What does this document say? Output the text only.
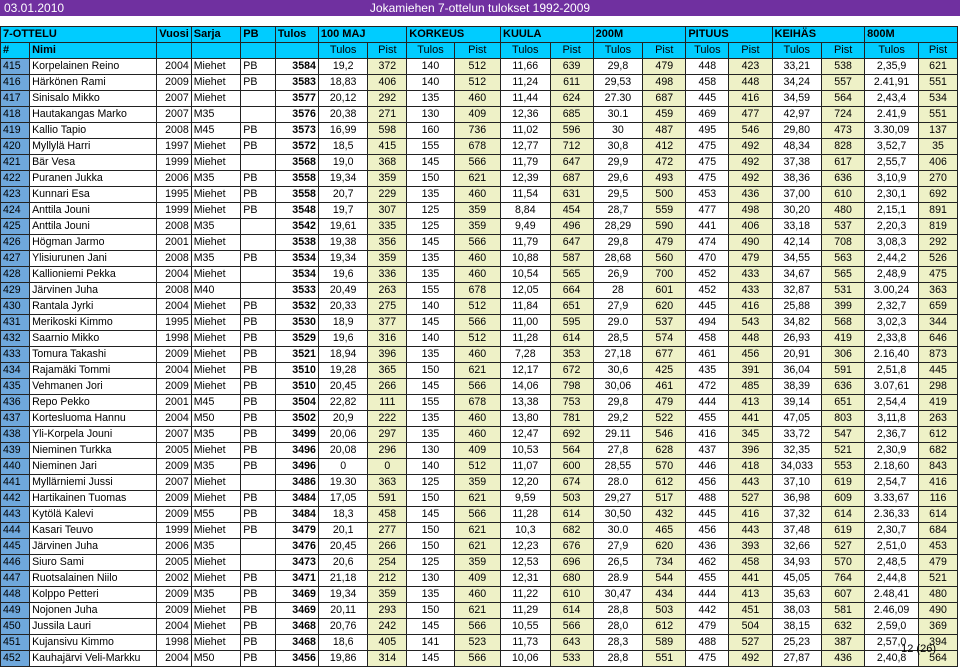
03.01.2010	Jokamiehen 7-ottelun tulokset 1992-2009
7-OTTELU		Vuosi	Sarja	PB	Tulos	100 MAJ		KORKEUS		KUULA		200M		PITUUS		KEIHÄS		800M	
#	Nimi					Tulos	Pist	Tulos	Pist	Tulos	Pist	Tulos	Pist	Tulos	Pist	Tulos	Pist	Tulos	Pist
415	Korpelainen Reino	2004	Miehet	PB	3584	19,2	372	140	512	11,66	639	29,8	479	448	423	33,21	538	2,35,9	621
416	Härkönen Rami	2009	Miehet	PB	3583	18,83	406	140	512	11,24	611	29,53	498	458	448	34,24	557	2.41,91	551
417	Sinisalo Mikko	2007	Miehet		3577	20,12	292	135	460	11,44	624	27.30	687	445	416	34,59	564	2,43,4	534
418	Hautakangas Marko	2007	M35		3576	20,38	271	130	409	12,36	685	30.1	459	469	477	42,97	724	2.41,9	551
419	Kallio Tapio	2008	M45	PB	3573	16,99	598	160	736	11,02	596	30	487	495	546	29,80	473	3.30,09	137
420	Myllylä Harri	1997	Miehet	PB	3572	18,5	415	155	678	12,77	712	30,8	412	475	492	48,34	828	3,52,7	35
421	Bär Vesa	1999	Miehet		3568	19,0	368	145	566	11,79	647	29,9	472	475	492	37,38	617	2,55,7	406
422	Puranen Jukka	2006	M35	PB	3558	19,34	359	150	621	12,39	687	29,6	493	475	492	38,36	636	3,10,9	270
423	Kunnari Esa	1995	Miehet	PB	3558	20,7	229	135	460	11,54	631	29,5	500	453	436	37,00	610	2,30,1	692
424	Anttila Jouni	1999	Miehet	PB	3548	19,7	307	125	359	8,84	454	28,7	559	477	498	30,20	480	2,15,1	891
425	Anttila Jouni	2008	M35		3542	19,61	335	125	359	9,49	496	28,29	590	441	406	33,18	537	2,20,3	819
426	Högman Jarmo	2001	Miehet		3538	19,38	356	145	566	11,79	647	29,8	479	474	490	42,14	708	3,08,3	292
427	Ylisiurunen Jani	2008	M35	PB	3534	19,34	359	135	460	10,88	587	28,68	560	470	479	34,55	563	2,44,2	526
428	Kallioniemi Pekka	2004	Miehet		3534	19,6	336	135	460	10,54	565	26,9	700	452	433	34,67	565	2,48,9	475
429	Järvinen Juha	2008	M40		3533	20,49	263	155	678	12,05	664	28	601	452	433	32,87	531	3.00,24	363
430	Rantala Jyrki	2004	Miehet	PB	3532	20,33	275	140	512	11,84	651	27,9	620	445	416	25,88	399	2,32,7	659
431	Merikoski Kimmo	1995	Miehet	PB	3530	18,9	377	145	566	11,00	595	29.0	537	494	543	34,82	568	3,02,3	344
432	Saarnio Mikko	1998	Miehet	PB	3529	19,6	316	140	512	11,28	614	28,5	574	458	448	26,93	419	2,33,8	646
433	Tomura Takashi	2009	Miehet	PB	3521	18,94	396	135	460	7,28	353	27,18	677	461	456	20,91	306	2.16,40	873
434	Rajamäki Tommi	2004	Miehet	PB	3510	19,28	365	150	621	12,17	672	30,6	425	435	391	36,04	591	2,51,8	445
435	Vehmanen Jori	2009	Miehet	PB	3510	20,45	266	145	566	14,06	798	30,06	461	472	485	38,39	636	3.07,61	298
436	Repo Pekko	2001	M45	PB	3504	22,82	111	155	678	13,38	753	29,8	479	444	413	39,14	651	2,54,4	419
437	Kortesluoma Hannu	2004	M50	PB	3502	20,9	222	135	460	13,80	781	29,2	522	455	441	47,05	803	3,11,8	263
438	Yli-Korpela Jouni	2007	M35	PB	3499	20,06	297	135	460	12,47	692	29.11	546	416	345	33,72	547	2,36,7	612
439	Nieminen Turkka	2005	Miehet	PB	3496	20,08	296	130	409	10,53	564	27,8	628	437	396	32,35	521	2,30,9	682
440	Nieminen Jari	2009	M35	PB	3496	0	0	140	512	11,07	600	28,55	570	446	418	34,033	553	2.18,60	843
441	Myllärniemi Jussi	2007	Miehet		3486	19.30	363	125	359	12,20	674	28.0	612	456	443	37,10	619	2,54,7	416
442	Hartikainen Tuomas	2009	Miehet	PB	3484	17,05	591	150	621	9,59	503	29,27	517	488	527	36,98	609	3.33,67	116
443	Kytölä Kalevi	2009	M55	PB	3484	18,3	458	145	566	11,28	614	30,50	432	445	416	37,32	614	2.36,33	614
444	Kasari Teuvo	1999	Miehet	PB	3479	20,1	277	150	621	10,3	682	30.0	465	456	443	37,48	619	2,30,7	684
445	Järvinen Juha	2006	M35		3476	20,45	266	150	621	12,23	676	27,9	620	436	393	32,66	527	2,51,0	453
446	Siuro Sami	2005	Miehet		3473	20,6	254	125	359	12,53	696	26,5	734	462	458	34,93	570	2,48,5	479
447	Ruotsalainen Niilo	2002	Miehet	PB	3471	21,18	212	130	409	12,31	680	28.9	544	455	441	45,05	764	2,44,8	521
448	Kolppo Petteri	2009	M35	PB	3469	19,34	359	135	460	11,22	610	30,47	434	444	413	35,63	607	2.48,41	480
449	Nojonen Juha	2009	Miehet	PB	3469	20,11	293	150	621	11,29	614	28,8	503	442	451	38,03	581	2.46,09	490
450	Jussila Lauri	2004	Miehet	PB	3468	20,76	242	145	566	10,55	566	28,0	612	479	504	38,15	632	2,59,0	369
451	Kujansivu Kimmo	1998	Miehet	PB	3468	18,6	405	141	523	11,73	643	28,3	589	488	527	25,23	387	2,57,0	394
452	Kauhajärvi Veli-Markku	2004	M50	PB	3456	19,86	314	145	566	10,06	533	28,8	551	475	492	27,87	436	2,40,8	564
12 (26)
